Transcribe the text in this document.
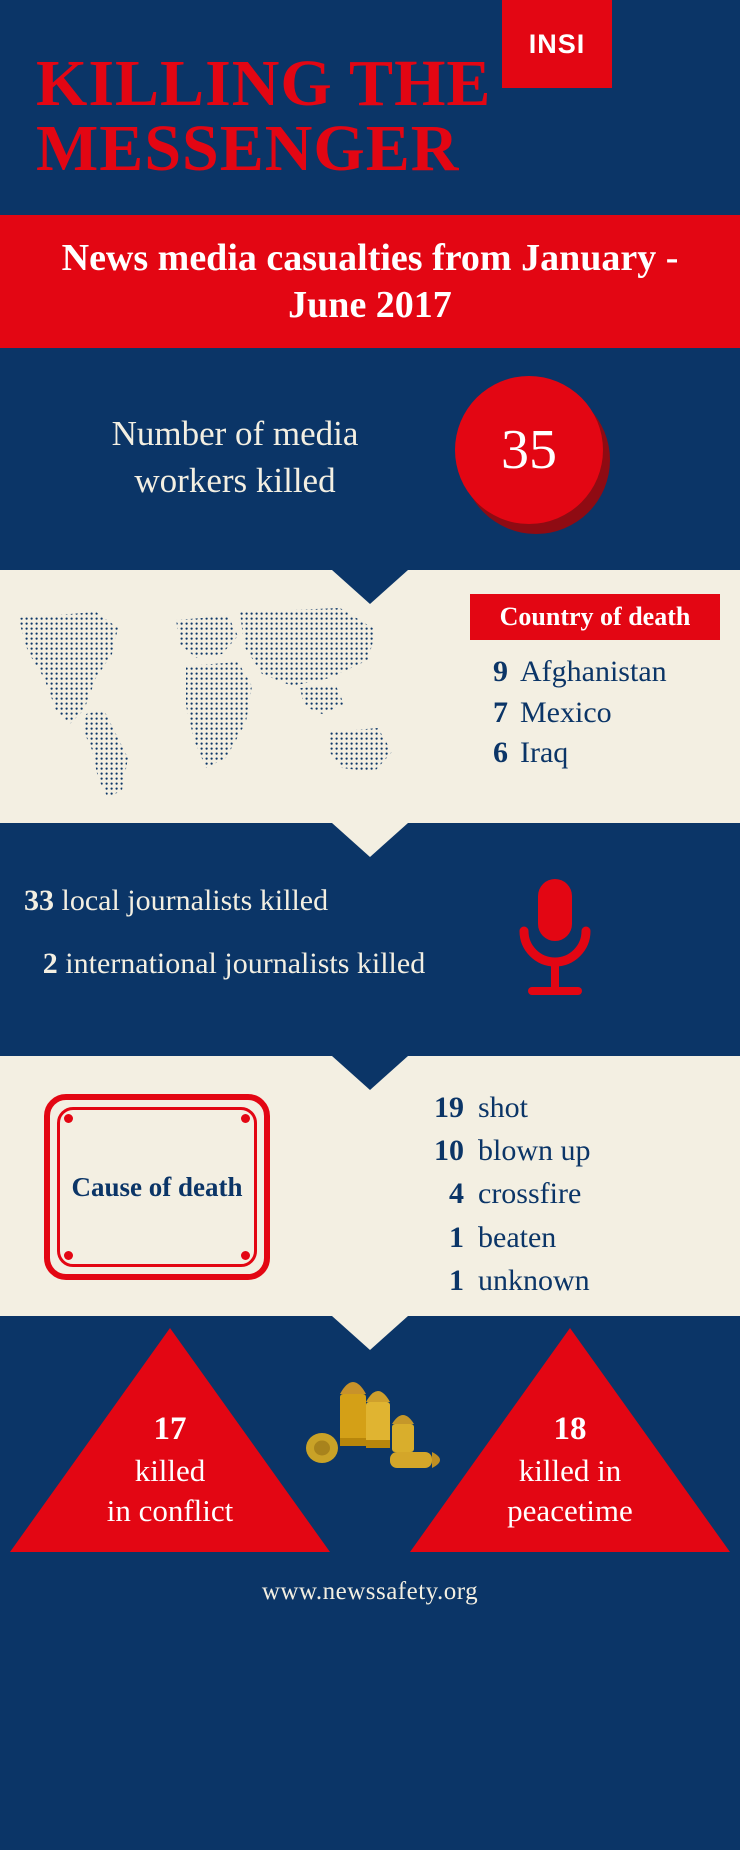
INSI
KILLING THE MESSENGER
News media casualties from January - June 2017
Number of media workers killed	35
Country of death
9 Afghanistan
7 Mexico
6 Iraq
33 local journalists killed
2 international journalists killed
Cause of death
19 shot
10 blown up
4 crossfire
1 beaten
1 unknown
17
killed
in conflict
18
killed in
peacetime
www.newssafety.org
